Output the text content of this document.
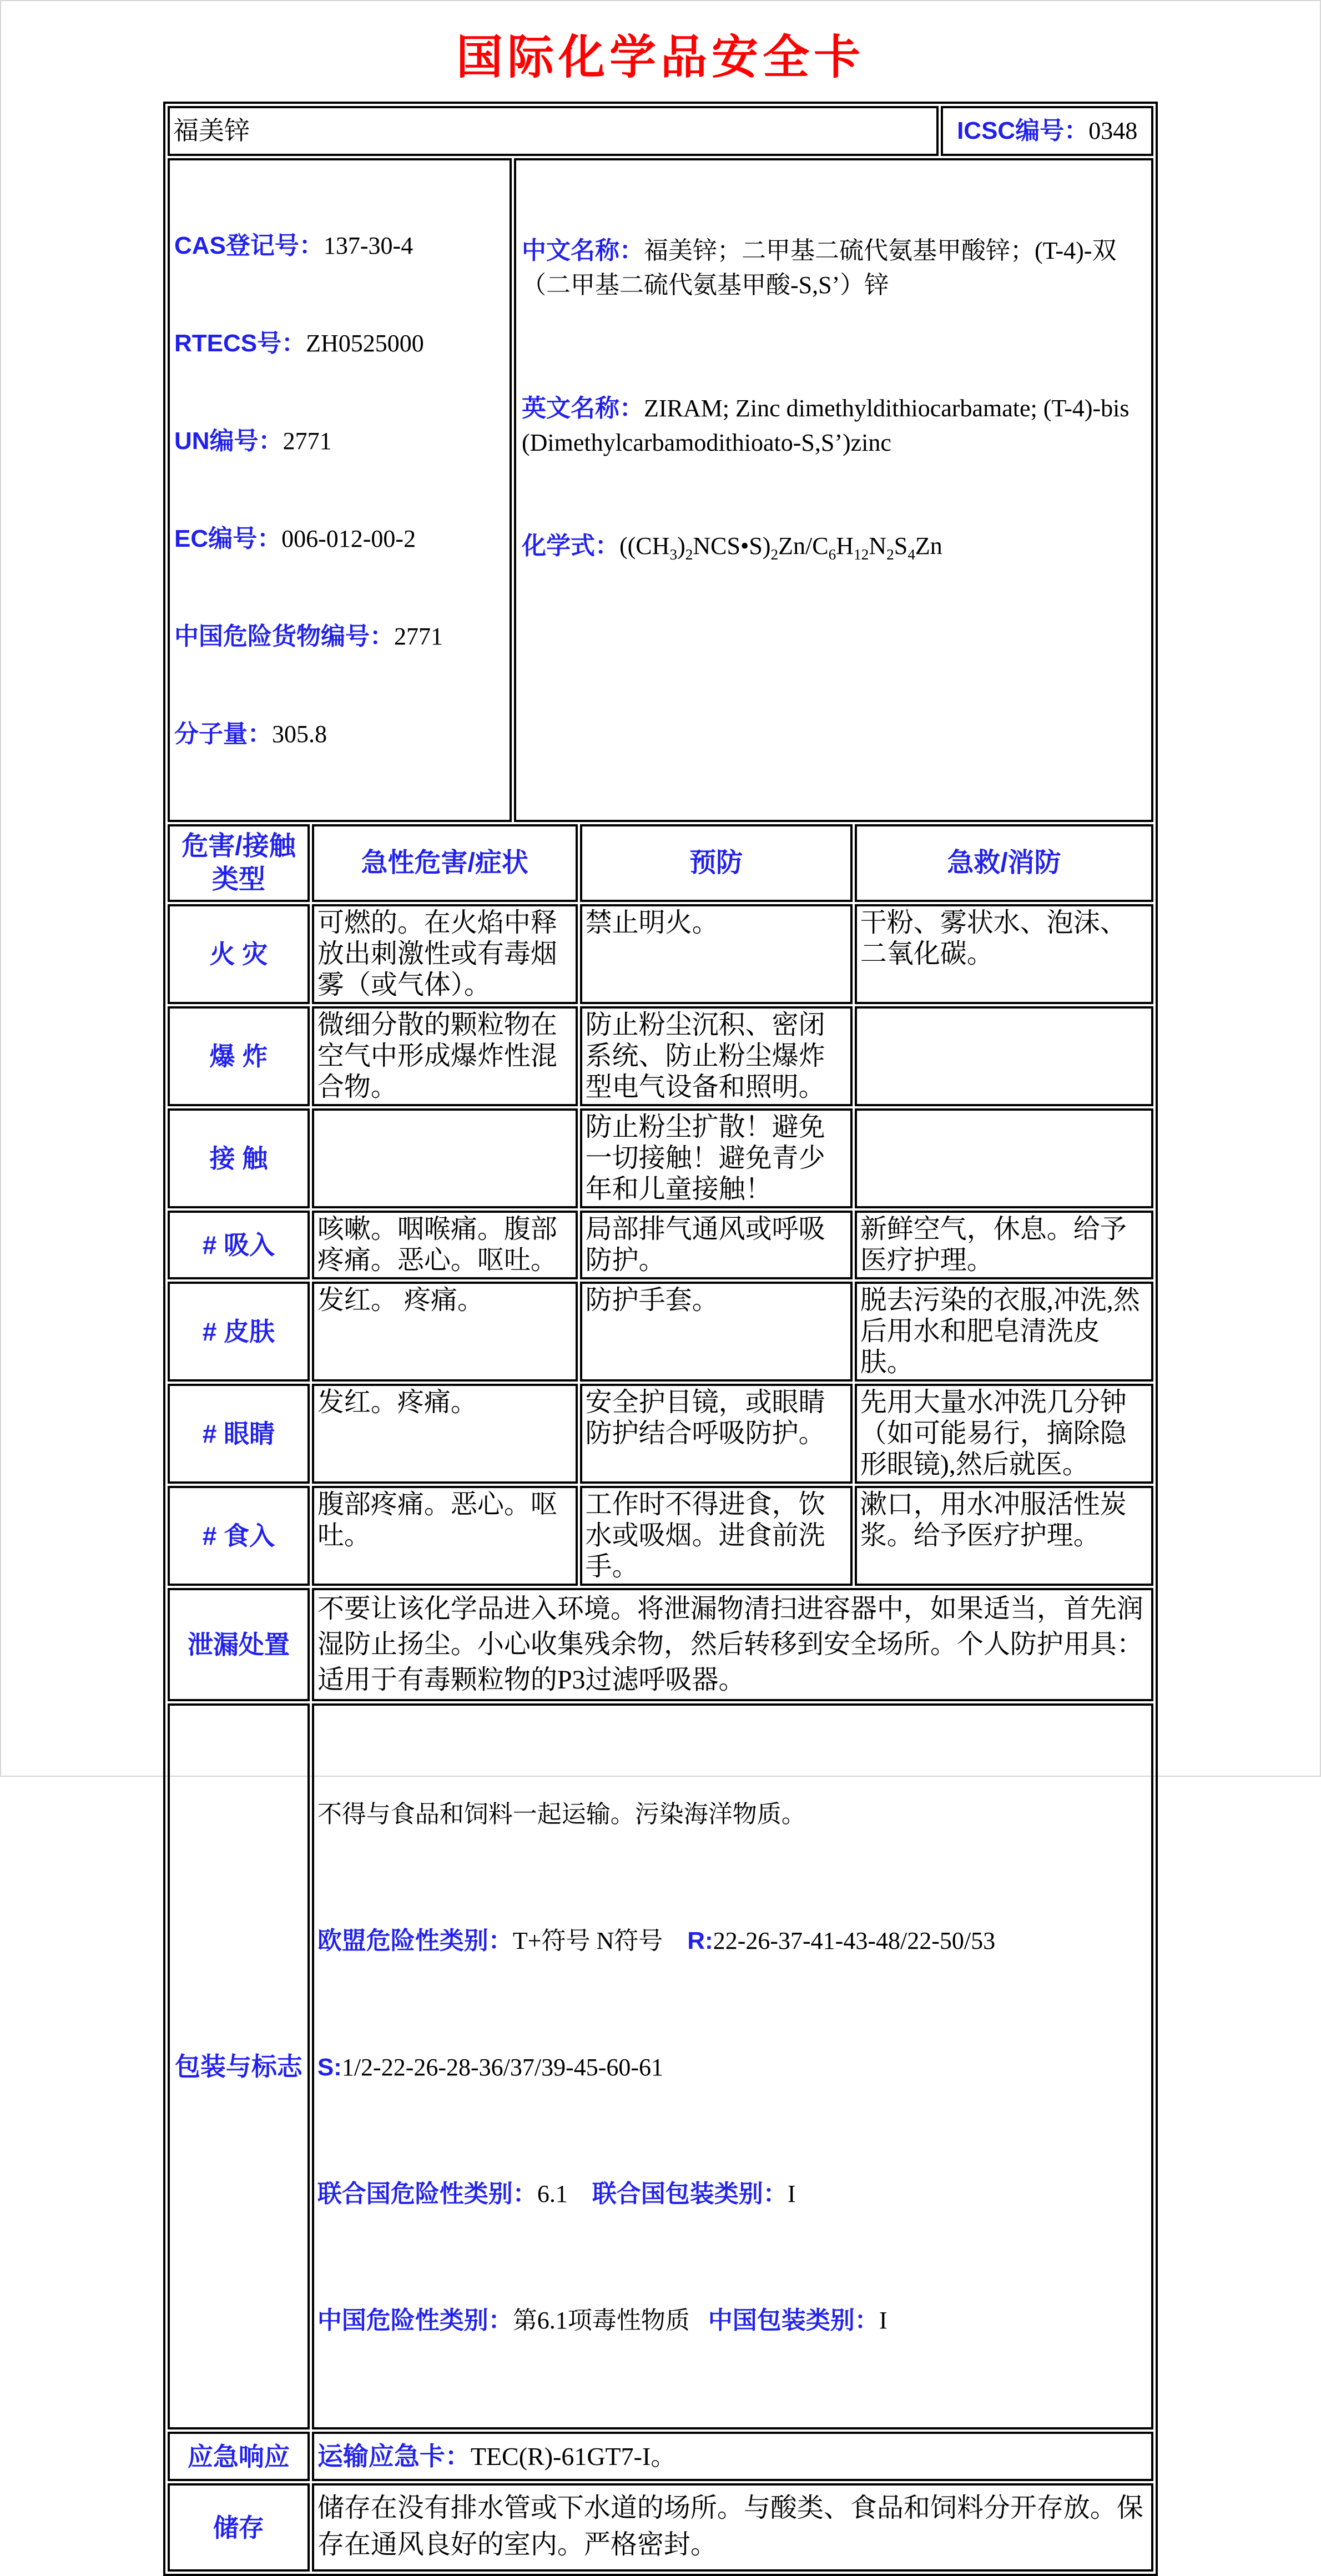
国际化学品安全卡
福美锌					ICSC编号：0348

CAS登记号：137-30-4

RTECS号：ZH0525000

UN编号：2771

EC编号：006-012-00-2

中国危险货物编号：2771

分子量：305.8

中文名称：福美锌；二甲基二硫代氨基甲酸锌；(T-4)-双（二甲基二硫代氨基甲酸-S,S’）锌

英文名称：ZIRAM; Zinc dimethyldithiocarbamate; (T-4)-bis (Dimethylcarbamodithioato-S,S’)zinc

化学式：$((CH_3)_2NCS•S)_2Zn/C_6H_{12}N_2S_4Zn$

危害/接触 类型	急性危害/症状		预防	急救/消防	
火 灾	可燃的。在火焰中释放出刺激性或有毒烟雾（或气体）。		禁止明火。	干粉、雾状水、泡沫、二氧化碳。	
爆 炸	微细分散的颗粒物在空气中形成爆炸性混合物。		防止粉尘沉积、密闭系统、防止粉尘爆炸型电气设备和照明。		
接 触			防止粉尘扩散！避免一切接触！避免青少年和儿童接触！		
# 吸入	咳嗽。咽喉痛。腹部疼痛。恶心。呕吐。		局部排气通风或呼吸防护。	新鲜空气，休息。给予医疗护理。	
# 皮肤	发红。 疼痛。		防护手套。	脱去污染的衣服,冲洗,然后用水和肥皂清洗皮肤。	
# 眼睛	发红。疼痛。		安全护目镜，或眼睛防护结合呼吸防护。	先用大量水冲洗几分钟（如可能易行，摘除隐形眼镜),然后就医。	
# 食入	腹部疼痛。恶心。呕吐。		工作时不得进食，饮水或吸烟。进食前洗手。	漱口，用水冲服活性炭浆。给予医疗护理。	
泄漏处置	不要让该化学品进入环境。将泄漏物清扫进容器中，如果适当，首先润湿防止扬尘。小心收集残余物，然后转移到安全场所。个人防护用具：适用于有毒颗粒物的P3过滤呼吸器。				
包装与标志	不得与食品和饲料一起运输。污染海洋物质。

欧盟危险性类别：T+符号 N符号    R:22-26-37-41-43-48/22-50/53

S:1/2-22-26-28-36/37/39-45-60-61

联合国危险性类别：6.1    联合国包装类别：I

中国危险性类别：第6.1项毒性物质   中国包装类别：I				

应急响应	运输应急卡：TEC(R)-61GT7-I。				
储存	储存在没有排水管或下水道的场所。与酸类、食品和饲料分开存放。保存在通风良好的室内。严格密封。				
